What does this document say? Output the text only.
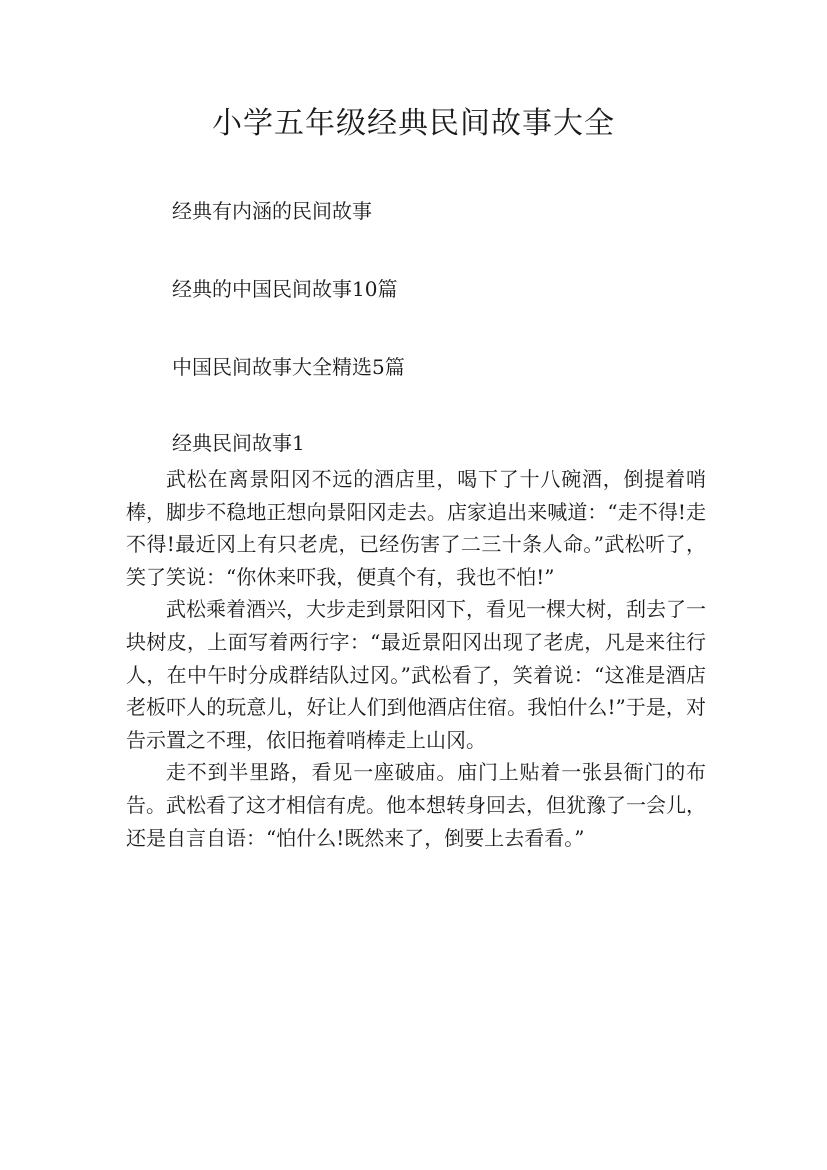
小学五年级经典民间故事大全

经典有内涵的民间故事

经典的中国民间故事10篇

中国民间故事大全精选5篇

经典民间故事1

武松在离景阳冈不远的酒店里，喝下了十八碗酒，倒提着哨棒，脚步不稳地正想向景阳冈走去。店家追出来喊道：“走不得!走不得!最近冈上有只老虎，已经伤害了二三十条人命。”武松听了，笑了笑说：“你休来吓我，便真个有，我也不怕!”

武松乘着酒兴，大步走到景阳冈下，看见一棵大树，刮去了一块树皮，上面写着两行字：“最近景阳冈出现了老虎，凡是来往行人，在中午时分成群结队过冈。”武松看了，笑着说：“这准是酒店老板吓人的玩意儿，好让人们到他酒店住宿。我怕什么!”于是，对告示置之不理，依旧拖着哨棒走上山冈。

走不到半里路，看见一座破庙。庙门上贴着一张县衙门的布告。武松看了这才相信有虎。他本想转身回去，但犹豫了一会儿，还是自言自语：“怕什么!既然来了，倒要上去看看。”
